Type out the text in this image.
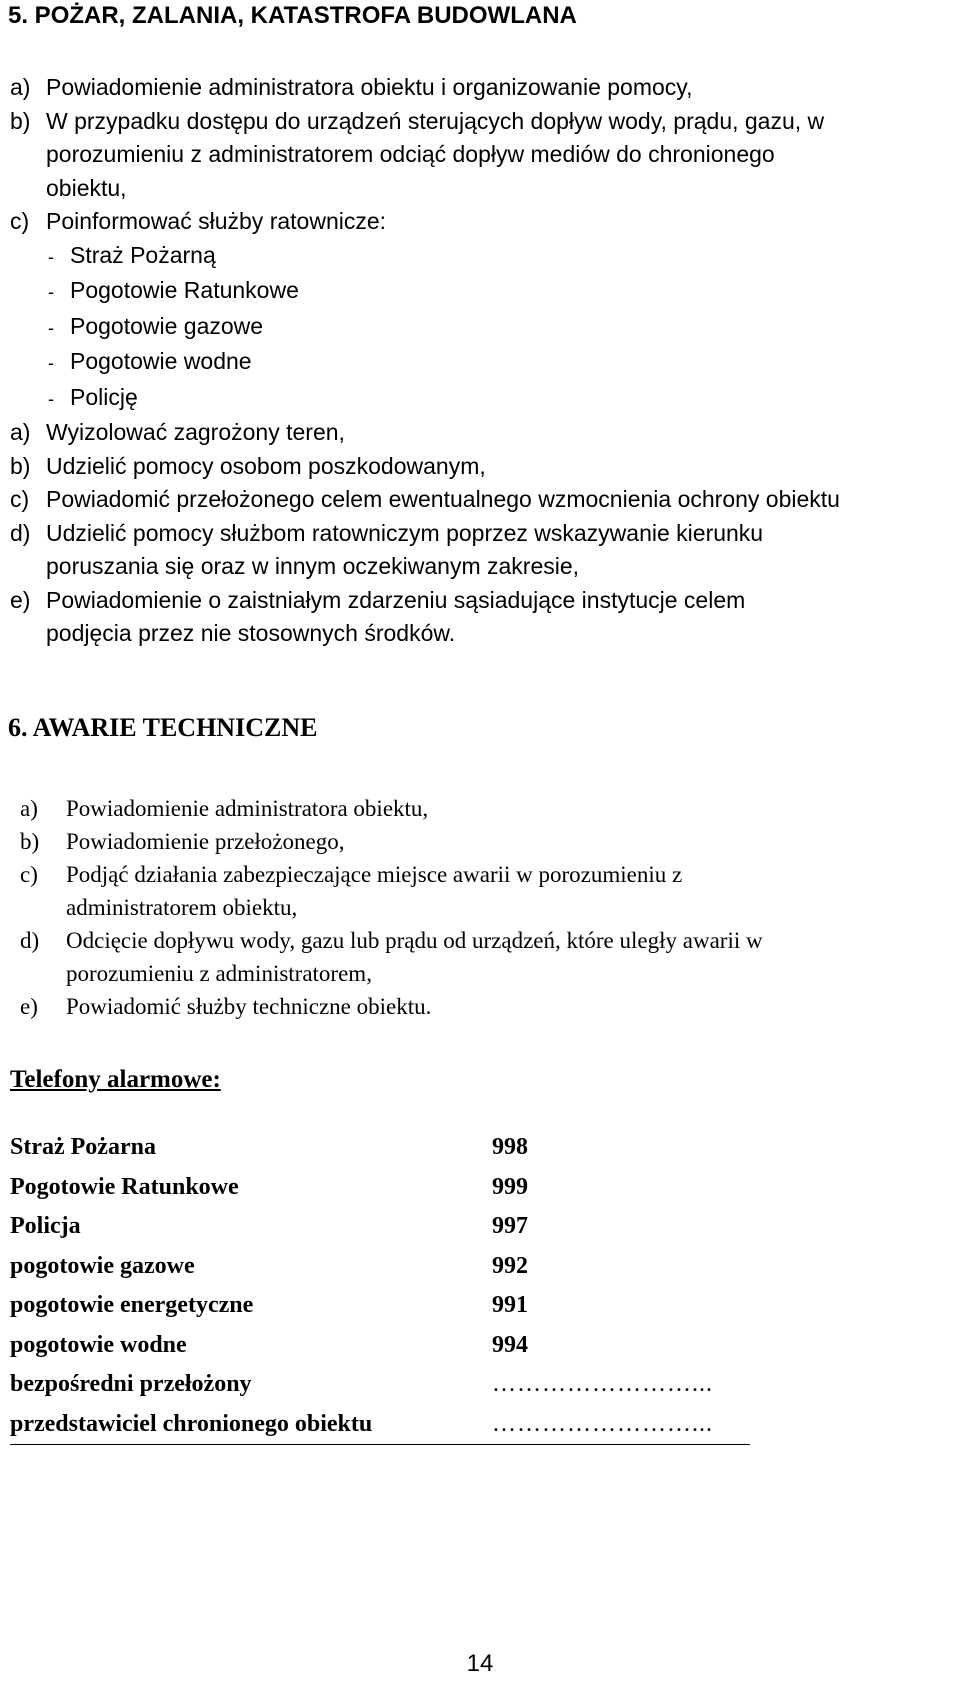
5. POŻAR, ZALANIA, KATASTROFA BUDOWLANA
a) Powiadomienie administratora obiektu i organizowanie pomocy,
b) W przypadku dostępu do urządzeń sterujących dopływ wody, prądu, gazu, w
porozumieniu z administratorem odciąć dopływ mediów do chronionego
obiektu,
c) Poinformować służby ratownicze:
- Straż Pożarną
- Pogotowie Ratunkowe
- Pogotowie gazowe
- Pogotowie wodne
- Policję
a) Wyizolować zagrożony teren,
b) Udzielić pomocy osobom poszkodowanym,
c) Powiadomić przełożonego celem ewentualnego wzmocnienia ochrony obiektu
d) Udzielić pomocy służbom ratowniczym poprzez wskazywanie kierunku
poruszania się oraz w innym oczekiwanym zakresie,
e) Powiadomienie o zaistniałym zdarzeniu sąsiadujące instytucje celem
podjęcia przez nie stosownych środków.
6. AWARIE TECHNICZNE
a)	Powiadomienie administratora obiektu,
b)	Powiadomienie przełożonego,
c)	Podjąć działania zabezpieczające miejsce awarii w porozumieniu z
administratorem obiektu,
d)	Odcięcie dopływu wody, gazu lub prądu od urządzeń, które uległy awarii w
porozumieniu z administratorem,
e)	Powiadomić służby techniczne obiektu.
Telefony alarmowe:
Straż Pożarna	998
Pogotowie Ratunkowe	999
Policja	997
pogotowie gazowe	992
pogotowie energetyczne	991
pogotowie wodne	994
bezpośredni przełożony	……………………...
przedstawiciel chronionego obiektu	……………………...
14
